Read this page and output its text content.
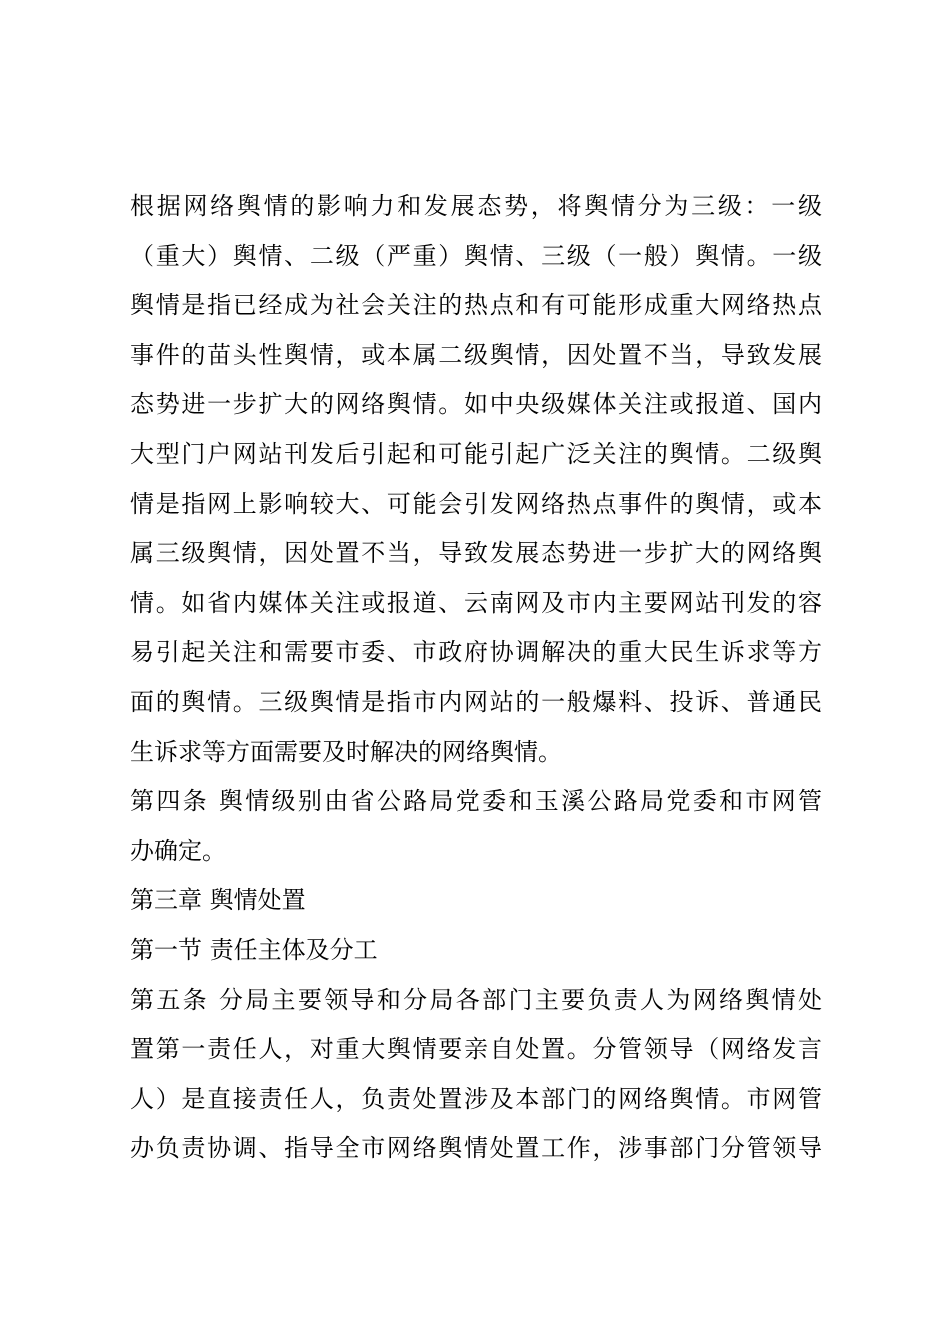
根据网络舆情的影响力和发展态势，将舆情分为三级：一级
（重大）舆情、二级（严重）舆情、三级（一般）舆情。一级
舆情是指已经成为社会关注的热点和有可能形成重大网络热点
事件的苗头性舆情，或本属二级舆情，因处置不当，导致发展
态势进一步扩大的网络舆情。如中央级媒体关注或报道、国内
大型门户网站刊发后引起和可能引起广泛关注的舆情。二级舆
情是指网上影响较大、可能会引发网络热点事件的舆情，或本
属三级舆情，因处置不当，导致发展态势进一步扩大的网络舆
情。如省内媒体关注或报道、云南网及市内主要网站刊发的容
易引起关注和需要市委、市政府协调解决的重大民生诉求等方
面的舆情。三级舆情是指市内网站的一般爆料、投诉、普通民
生诉求等方面需要及时解决的网络舆情。
第四条 舆情级别由省公路局党委和玉溪公路局党委和市网管
办确定。
第三章 舆情处置
第一节 责任主体及分工
第五条 分局主要领导和分局各部门主要负责人为网络舆情处
置第一责任人，对重大舆情要亲自处置。分管领导（网络发言
人）是直接责任人，负责处置涉及本部门的网络舆情。市网管
办负责协调、指导全市网络舆情处置工作，涉事部门分管领导
